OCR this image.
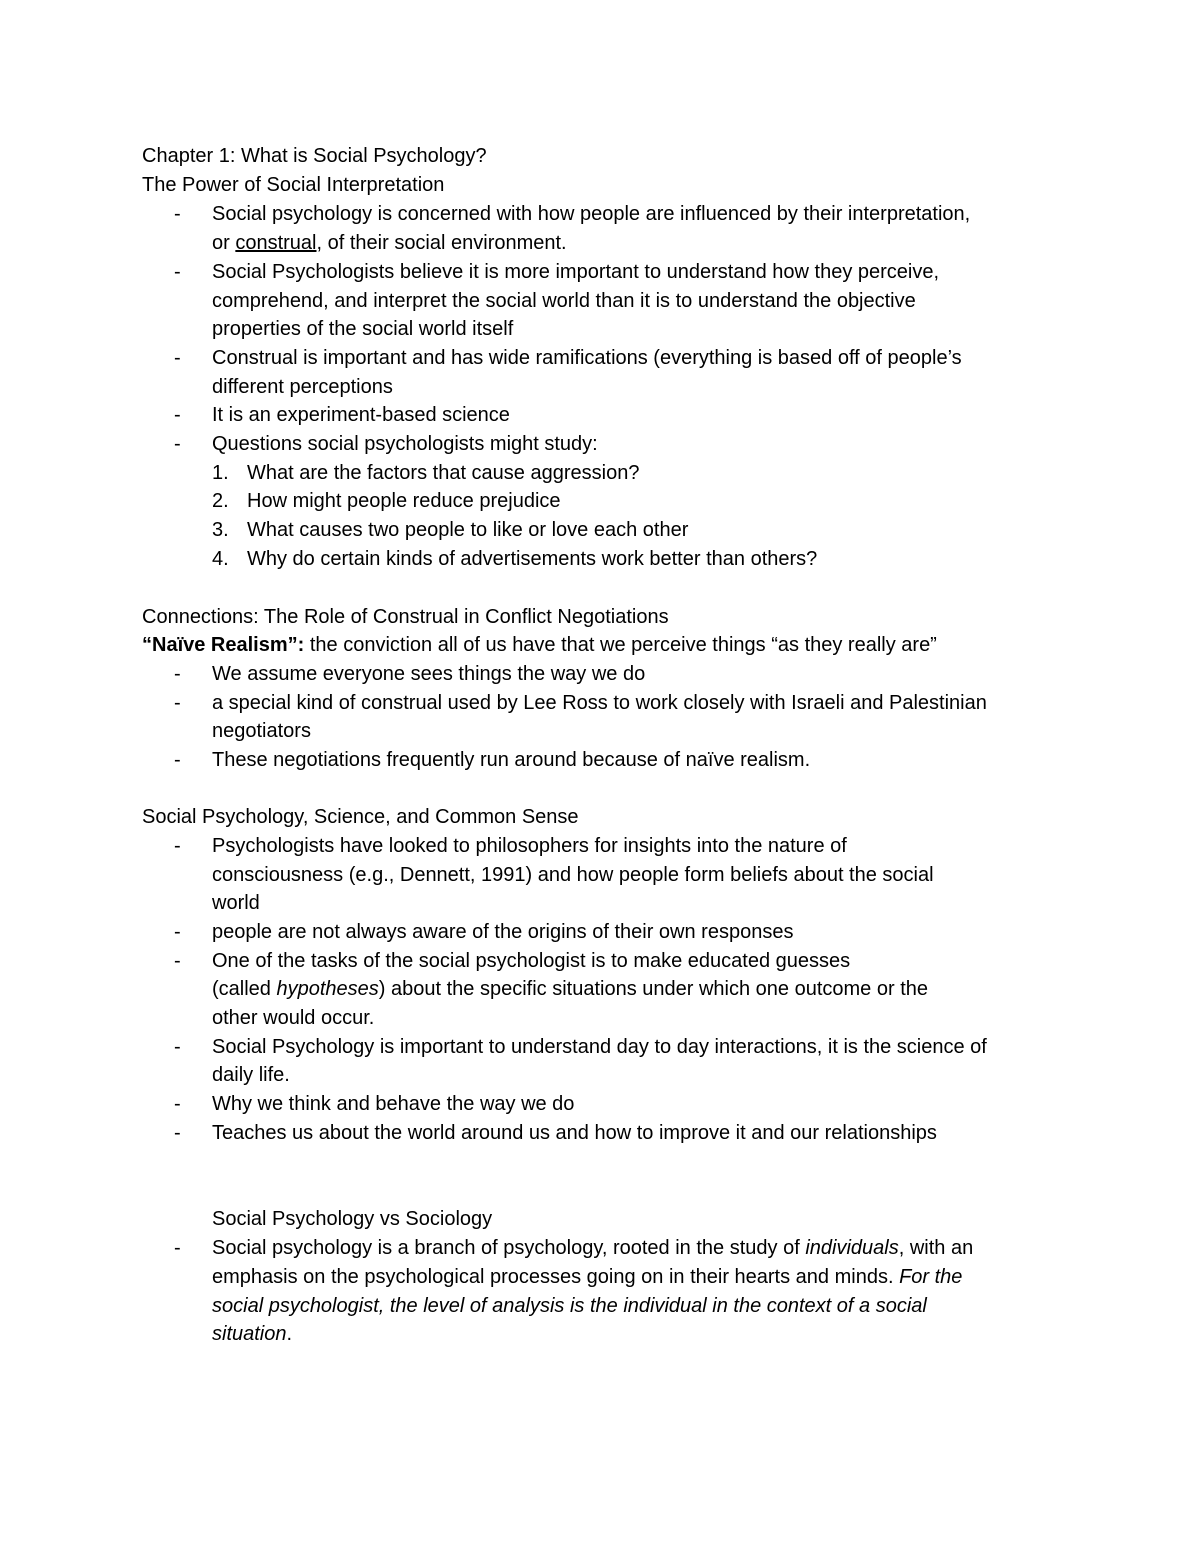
Chapter 1: What is Social Psychology?
The Power of Social Interpretation
- Social psychology is concerned with how people are influenced by their interpretation,
or construal, of their social environment.
- Social Psychologists believe it is more important to understand how they perceive,
comprehend, and interpret the social world than it is to understand the objective
properties of the social world itself
- Construal is important and has wide ramifications (everything is based off of people’s
different perceptions
- It is an experiment-based science
- Questions social psychologists might study:
1. What are the factors that cause aggression?
2. How might people reduce prejudice
3. What causes two people to like or love each other
4. Why do certain kinds of advertisements work better than others?
Connections: The Role of Construal in Conflict Negotiations
“Naïve Realism”: the conviction all of us have that we perceive things “as they really are”
- We assume everyone sees things the way we do
- a special kind of construal used by Lee Ross to work closely with Israeli and Palestinian
negotiators
- These negotiations frequently run around because of naïve realism.
Social Psychology, Science, and Common Sense
- Psychologists have looked to philosophers for insights into the nature of
consciousness (e.g., Dennett, 1991) and how people form beliefs about the social
world
- people are not always aware of the origins of their own responses
- One of the tasks of the social psychologist is to make educated guesses
(called hypotheses) about the specific situations under which one outcome or the
other would occur.
- Social Psychology is important to understand day to day interactions, it is the science of
daily life.
- Why we think and behave the way we do
- Teaches us about the world around us and how to improve it and our relationships
Social Psychology vs Sociology
- Social psychology is a branch of psychology, rooted in the study of individuals, with an
emphasis on the psychological processes going on in their hearts and minds. For the
social psychologist, the level of analysis is the individual in the context of a social
situation.
